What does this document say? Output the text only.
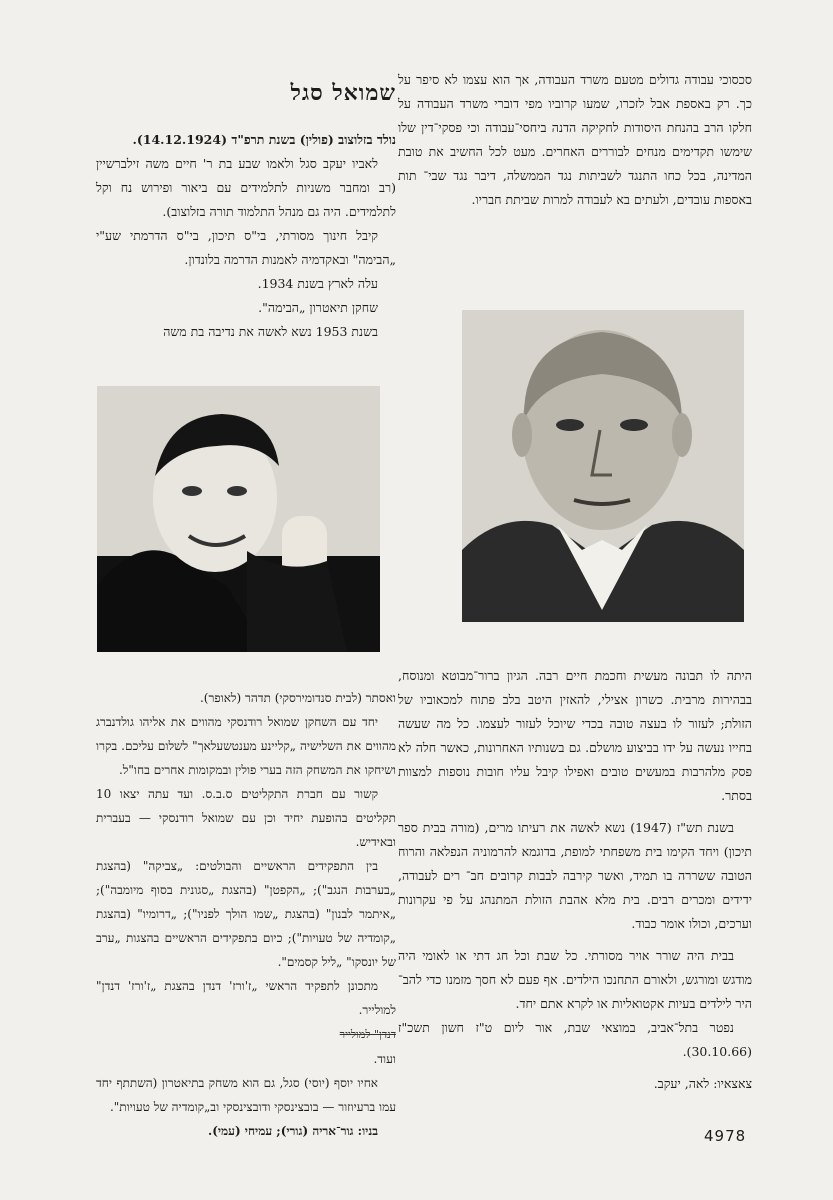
שמואל סגל

נולד בזלוצוב (פולין) בשנת תרפ"ד (14.12.1924).

לאביו יעקב סגל ולאמו שבע בת ר' חיים משה זילברשיין (רב ומחבר משניות לתלמידים עם ביאור ופירוש נח וקל לתלמידים. היה גם מנהל התלמוד תורה בזלוצוב).

קיבל חינוך מסורתי, בי"ס תיכון, בי"ס הדרמתי שע"י „הבימה" ובאקדמיה לאמנות הדרמה בלונדון.

עלה לארץ בשנת 1934.

שחקן תיאטרון „הבימה".

בשנת 1953 נשא לאשה את נדיבה בת משה

ואסתר (לבית סנדומירסקי) תדהר (לאופר).

יחד עם השחקן שמואל רודנסקי מהווים את אליהו גולדנברג מהווים את השלישיה „קליינע מענטשעלאך" לשלום עליכם. בקרו ושיחקו את המשחק הזה בערי פולין ובמקומות אחרים בחו"ל.

קשור עם חברת התקליטים ס.ב.ס. ועד עתה יצאו 10 תקליטים בהופעת יחיד וכן עם שמואל רודנסקי — בעברית ובאידיש.

בין התפקידים הראשיים והבולטים: „צביקה" (בהצגת „בערבות הנגב"); „הקפטן" (בהצגת „סגונית בסוף מיומבה"); „איתמר לבנון" (בהצגת „שמו הולך לפניו"); „דרומיו" (בהצגת „קומדיה של טעויות"); כיום בתפקידים הראשיים בהצגות „ערב של יונסקו" „ליל קסמים".

מתכונן לתפקיד הראשי „ז'ורז' דנדן בהצגת „ז'ורז' דנדן" למולייר.

דנדן" למולייר

ועוד.

אחיו יוסף (יוסי) סגל, גם הוא משחק בתיאטרון (השתתף יחד עמו ברעיוזור — בובצינסקי ודובצינסקי וב„קומדיה של טעויות".

בניו: גור־אריה (גורי); עמיחי (עמי).

סכסוכי עבודה גדולים מטעם משרד העבודה, אך הוא עצמו לא סיפר על כך. רק באספת אבל לזכרו, שמעו קרוביו מפי דוברי משרד העבודה על חלקו הרב בהנחת היסודות לחקיקה הדנה ביחסי־עבודה וכי פסקי־דין שלו שימשו תקדימים מנחים לבוררים האחרים. מעט לכל החשיב את טובת המדינה, בכל כחו התנגד לשביתות נגד הממשלה, דיבר נגד שבי־ תות באספות עובדים, ולעתים בא לעבודה למרות שביתת חבריו.

היתה לו תבונה מעשית וחכמת חיים רבה. הגיון ברור־מבוטא ומנוסח, בבהירות מרבית. כשרון אצילי, להאזין היטב בלב פתוח למכאוביו של הזולת; לעזור לו בעצה טובה בכדי שיוכל לעזור לעצמו. כל מה שעשה בחייו נעשה על ידו בביצוע מושלם. גם בשנותיו האחרונות, כאשר חלה לא פסק מלהרבות במעשים טובים ואפילו קיבל עליו חובות נוספות למצוות בסתר.

בשנת תש"ז (1947) נשא לאשה את רעיתו מרים, (מורה בבית ספר תיכון) ויחד הקימו בית משפחתי למופת, בדוגמא להרמוניה הנפלאה והרוח הטובה ששררה בו תמיד, ואשר קירבה לבבות קרובים חב־ רים לעבודה, ידידים ומכרים רבים. בית מלא אהבת הזולת המתנהג על פי עקרונות וערכים, וכולו אומר כבוד.

בבית היה שורר אויר מסורתי. כל שבת וכל חג דתי או לאומי היה מודגש ומורגש, ולאורם התחנכו הילדים. אף פעם לא חסך מזמנו כדי להב־ היר לילדים בעיות אקטואליות או לקרא אתם יחד.

נפטר בתל־אביב, במוצאי שבת, אור ליום ט"ז חשון תשכ"ז (30.10.66).

צאצאיו: לאה, יעקב.

4978
